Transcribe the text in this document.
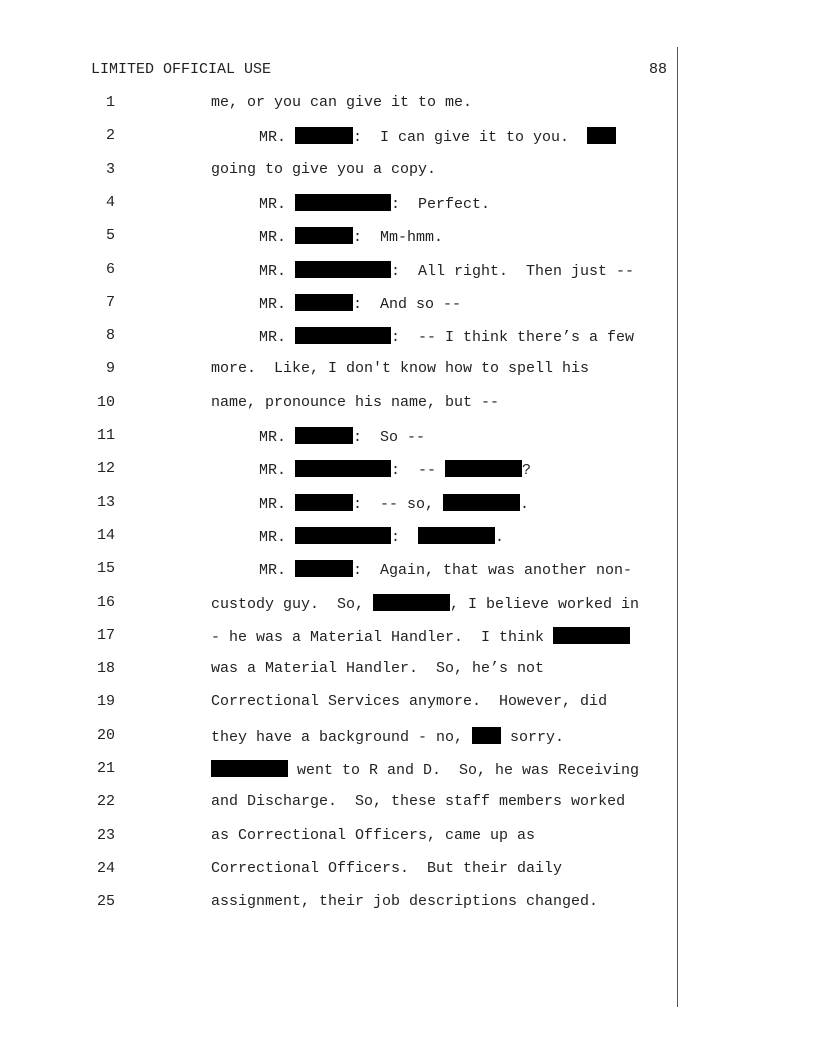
LIMITED OFFICIAL USE	88
1	me, or you can give it to me.
2	MR.	:  I can give it to you.
3	going to give you a copy.
4	MR.	:  Perfect.
5	MR.	:  Mm-hmm.
6	MR.	:  All right.  Then just --
7	MR.	:  And so --
8	MR.	:  -- I think there’s a few
9	more.  Like, I don't know how to spell his
10	name, pronounce his name, but --
11	MR.	:  So --
12	MR.	:  --	?
13	MR.	:  -- so,	.
14	MR.	:	.
15	MR.	:  Again, that was another non-
16	custody guy.  So,	, I believe worked in
17	- he was a Material Handler.  I think
18	was a Material Handler.  So, he’s not
19	Correctional Services anymore.  However, did
20	they have a background - no,  sorry.
21	went to R and D.  So, he was Receiving
22	and Discharge.  So, these staff members worked
23	as Correctional Officers, came up as
24	Correctional Officers.  But their daily
25	assignment, their job descriptions changed.
